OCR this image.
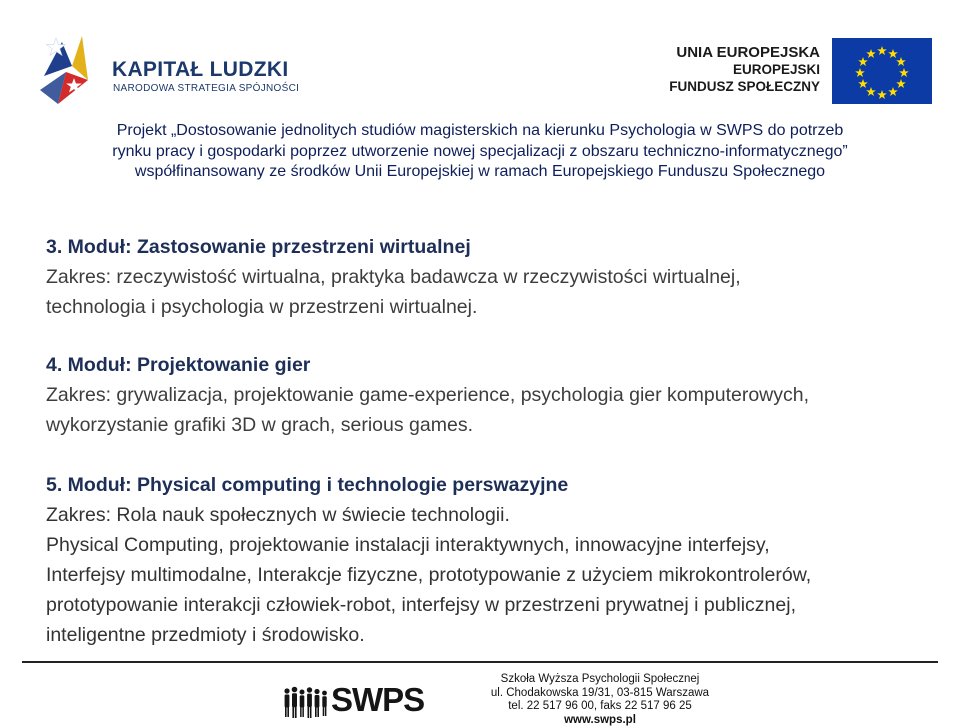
KAPITAŁ LUDZKI
NARODOWA STRATEGIA SPÓJNOŚCI
UNIA EUROPEJSKA
EUROPEJSKI
FUNDUSZ SPOŁECZNY
Projekt „Dostosowanie jednolitych studiów magisterskich na kierunku Psychologia w SWPS do potrzeb
rynku pracy i gospodarki poprzez utworzenie nowej specjalizacji z obszaru techniczno-informatycznego”
współfinansowany ze środków Unii Europejskiej w ramach Europejskiego Funduszu Społecznego
3. Moduł: Zastosowanie przestrzeni wirtualnej

Zakres: rzeczywistość wirtualna, praktyka badawcza w rzeczywistości wirtualnej,

technologia i psychologia w przestrzeni wirtualnej.

4. Moduł: Projektowanie gier

Zakres: grywalizacja, projektowanie game-experience, psychologia gier komputerowych,

wykorzystanie grafiki 3D w grach, serious games.

5. Moduł: Physical computing i technologie perswazyjne

Zakres: Rola nauk społecznych w świecie technologii.

Physical Computing, projektowanie instalacji interaktywnych, innowacyjne interfejsy,

Interfejsy multimodalne, Interakcje fizyczne, prototypowanie z użyciem mikrokontrolerów,

prototypowanie interakcji człowiek-robot, interfejsy w przestrzeni prywatnej i publicznej,

inteligentne przedmioty i środowisko.

SWPS
Szkoła Wyższa Psychologii Społecznej
ul. Chodakowska 19/31, 03-815 Warszawa
tel. 22 517 96 00, faks 22 517 96 25
www.swps.pl
